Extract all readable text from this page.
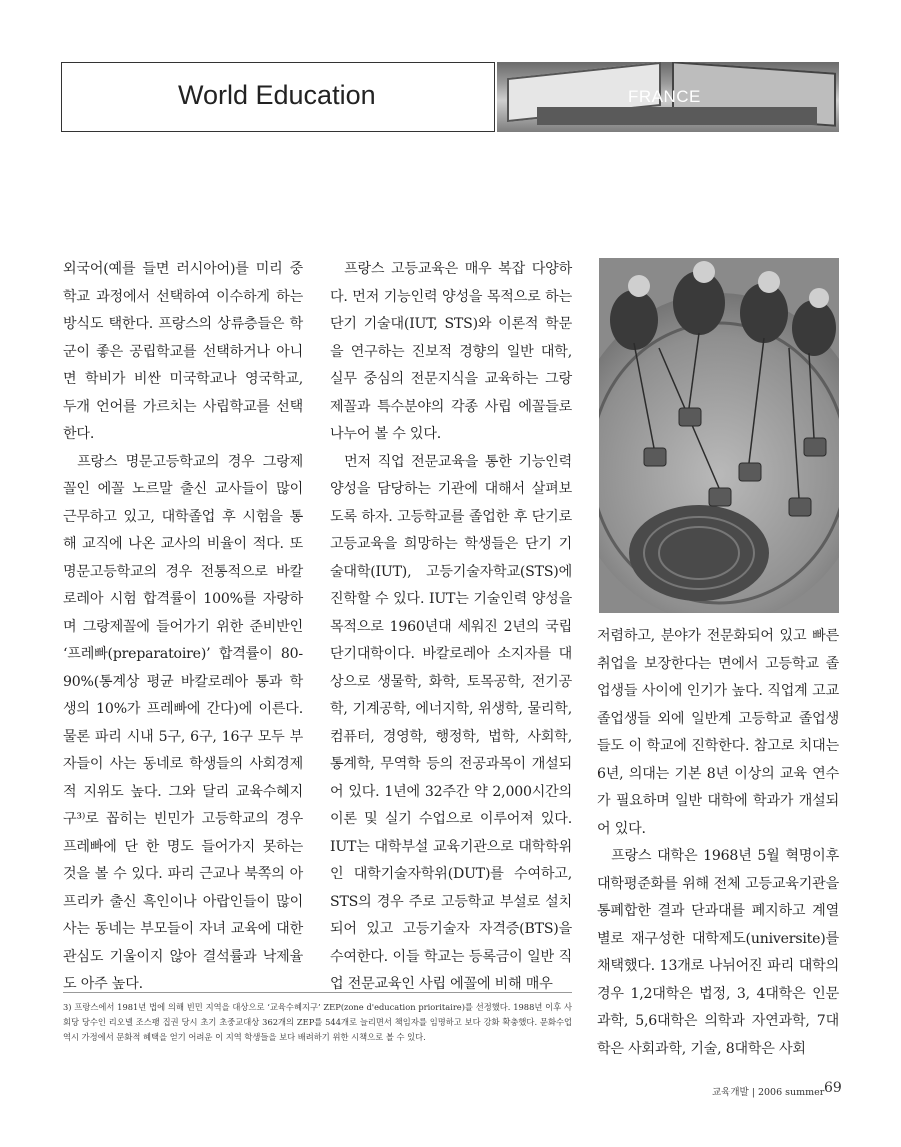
World Education	FRANCE

외국어(예를 들면 러시아어)를 미리 중학교 과정에서 선택하여 이수하게 하는 방식도 택한다. 프랑스의 상류층들은 학군이 좋은 공립학교를 선택하거나 아니면 학비가 비싼 미국학교나 영국학교, 두개 언어를 가르치는 사립학교를 선택한다.

프랑스 명문고등학교의 경우 그랑제꼴인 에꼴 노르말 출신 교사들이 많이 근무하고 있고, 대학졸업 후 시험을 통해 교직에 나온 교사의 비율이 적다. 또 명문고등학교의 경우 전통적으로 바칼로레아 시험 합격률이 100%를 자랑하며 그랑제꼴에 들어가기 위한 준비반인 ‘프레빠(preparatoire)’ 합격률이 80-90%(통계상 평균 바칼로레아 통과 학생의 10%가 프레빠에 간다)에 이른다. 물론 파리 시내 5구, 6구, 16구 모두 부자들이 사는 동네로 학생들의 사회경제적 지위도 높다. 그와 달리 교육수혜지구³⁾로 꼽히는 빈민가 고등학교의 경우 프레빠에 단 한 명도 들어가지 못하는 것을 볼 수 있다. 파리 근교나 북쪽의 아프리카 출신 흑인이나 아랍인들이 많이 사는 동네는 부모들이 자녀 교육에 대한 관심도 기울이지 않아 결석률과 낙제율도 아주 높다.

프랑스 고등교육은 매우 복잡 다양하다. 먼저 기능인력 양성을 목적으로 하는 단기 기술대(IUT, STS)와 이론적 학문을 연구하는 진보적 경향의 일반 대학, 실무 중심의 전문지식을 교육하는 그랑제꼴과 특수분야의 각종 사립 에꼴들로 나누어 볼 수 있다.

먼저 직업 전문교육을 통한 기능인력 양성을 담당하는 기관에 대해서 살펴보도록 하자. 고등학교를 졸업한 후 단기로 고등교육을 희망하는 학생들은 단기 기술대학(IUT), 고등기술자학교(STS)에 진학할 수 있다. IUT는 기술인력 양성을 목적으로 1960년대 세워진 2년의 국립 단기대학이다. 바칼로레아 소지자를 대상으로 생물학, 화학, 토목공학, 전기공학, 기계공학, 에너지학, 위생학, 물리학, 컴퓨터, 경영학, 행정학, 법학, 사회학, 통계학, 무역학 등의 전공과목이 개설되어 있다. 1년에 32주간 약 2,000시간의 이론 및 실기 수업으로 이루어져 있다. IUT는 대학부설 교육기관으로 대학학위인 대학기술자학위(DUT)를 수여하고, STS의 경우 주로 고등학교 부설로 설치되어 있고 고등기술자 자격증(BTS)을 수여한다. 이들 학교는 등록금이 일반 직업 전문교육인 사립 에꼴에 비해 매우

저렴하고, 분야가 전문화되어 있고 빠른 취업을 보장한다는 면에서 고등학교 졸업생들 사이에 인기가 높다. 직업계 고교졸업생들 외에 일반계 고등학교 졸업생들도 이 학교에 진학한다. 참고로 치대는 6년, 의대는 기본 8년 이상의 교육 연수가 필요하며 일반 대학에 학과가 개설되어 있다.

프랑스 대학은 1968년 5월 혁명이후 대학평준화를 위해 전체 고등교육기관을 통폐합한 결과 단과대를 폐지하고 계열별로 재구성한 대학제도(universite)를 채택했다. 13개로 나뉘어진 파리 대학의 경우 1,2대학은 법정, 3, 4대학은 인문과학, 5,6대학은 의학과 자연과학, 7대학은 사회과학, 기술, 8대학은 사회

3) 프랑스에서 1981년 법에 의해 빈민 지역을 대상으로 ‘교육수혜지구’ ZEP(zone d'education prioritaire)를 선정했다. 1988년 이후 사회당 당수인 리오넬 조스팽 집권 당시 초기 초중교대상 362개의 ZEP를 544개로 늘리면서 책임자를 임명하고 보다 강화 확충했다. 문화수업 역시 가정에서 문화적 혜택을 얻기 어려운 이 지역 학생들을 보다 배려하기 위한 시책으로 볼 수 있다.
교육개발 | 2006 summer 69
